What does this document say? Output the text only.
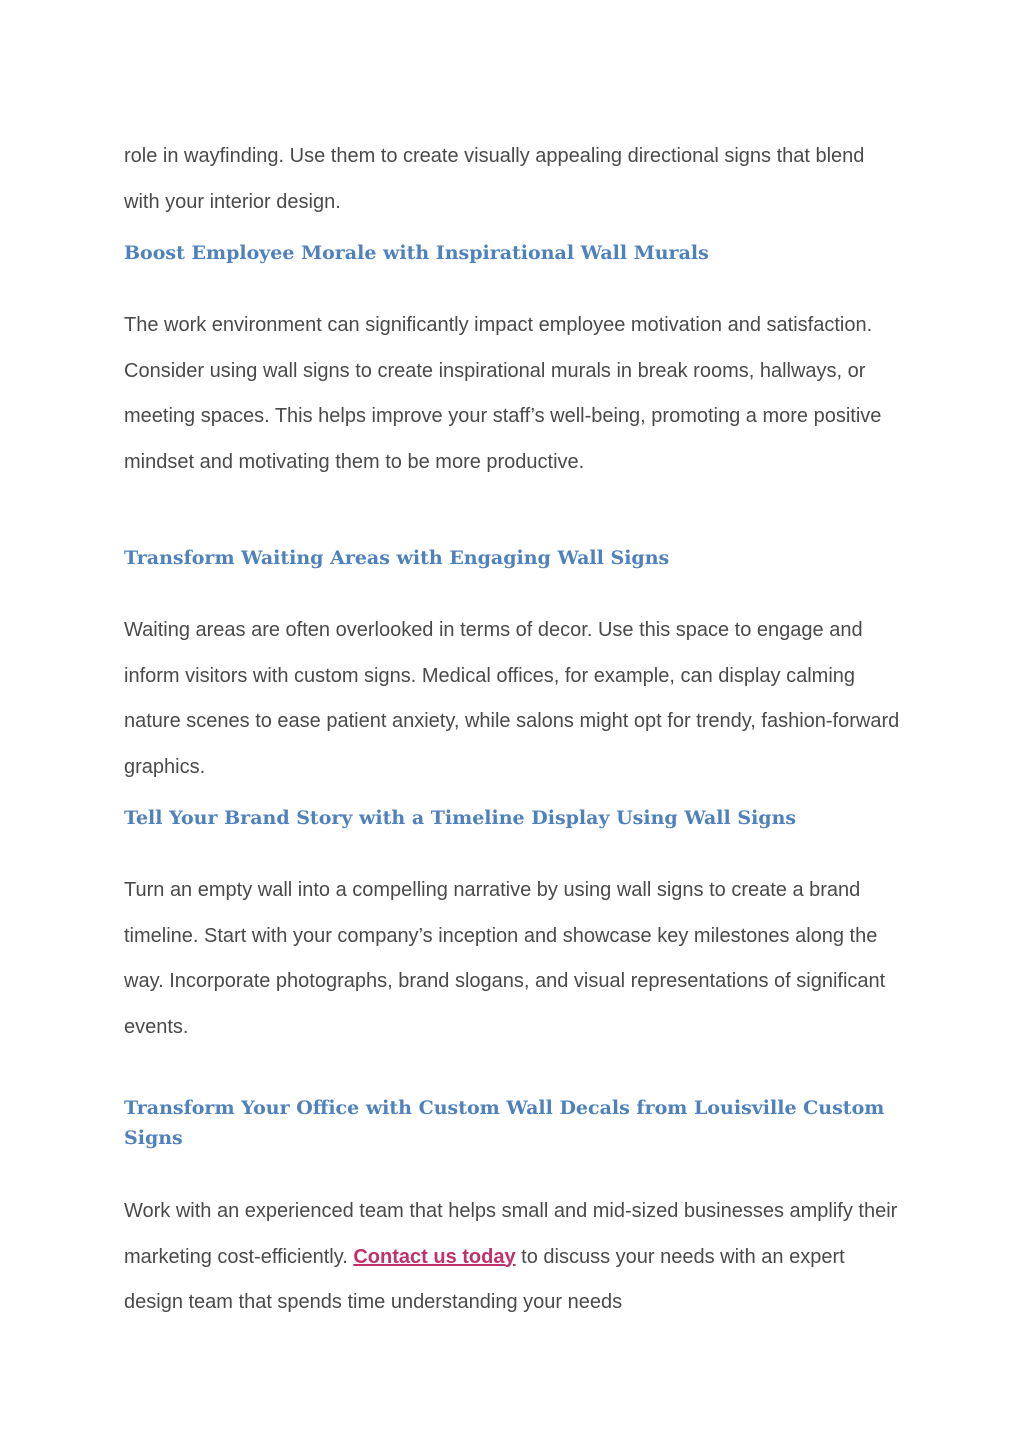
role in wayfinding. Use them to create visually appealing directional signs that blend with your interior design.

Boost Employee Morale with Inspirational Wall Murals

The work environment can significantly impact employee motivation and satisfaction. Consider using wall signs to create inspirational murals in break rooms, hallways, or meeting spaces. This helps improve your staff’s well-being, promoting a more positive mindset and motivating them to be more productive.

Transform Waiting Areas with Engaging Wall Signs

Waiting areas are often overlooked in terms of decor. Use this space to engage and inform visitors with custom signs. Medical offices, for example, can display calming nature scenes to ease patient anxiety, while salons might opt for trendy, fashion-forward graphics.

Tell Your Brand Story with a Timeline Display Using Wall Signs

Turn an empty wall into a compelling narrative by using wall signs to create a brand timeline. Start with your company’s inception and showcase key milestones along the way. Incorporate photographs, brand slogans, and visual representations of significant events.

Transform Your Office with Custom Wall Decals from Louisville Custom Signs

Work with an experienced team that helps small and mid-sized businesses amplify their marketing cost-efficiently. Contact us today to discuss your needs with an expert design team that spends time understanding your needs
